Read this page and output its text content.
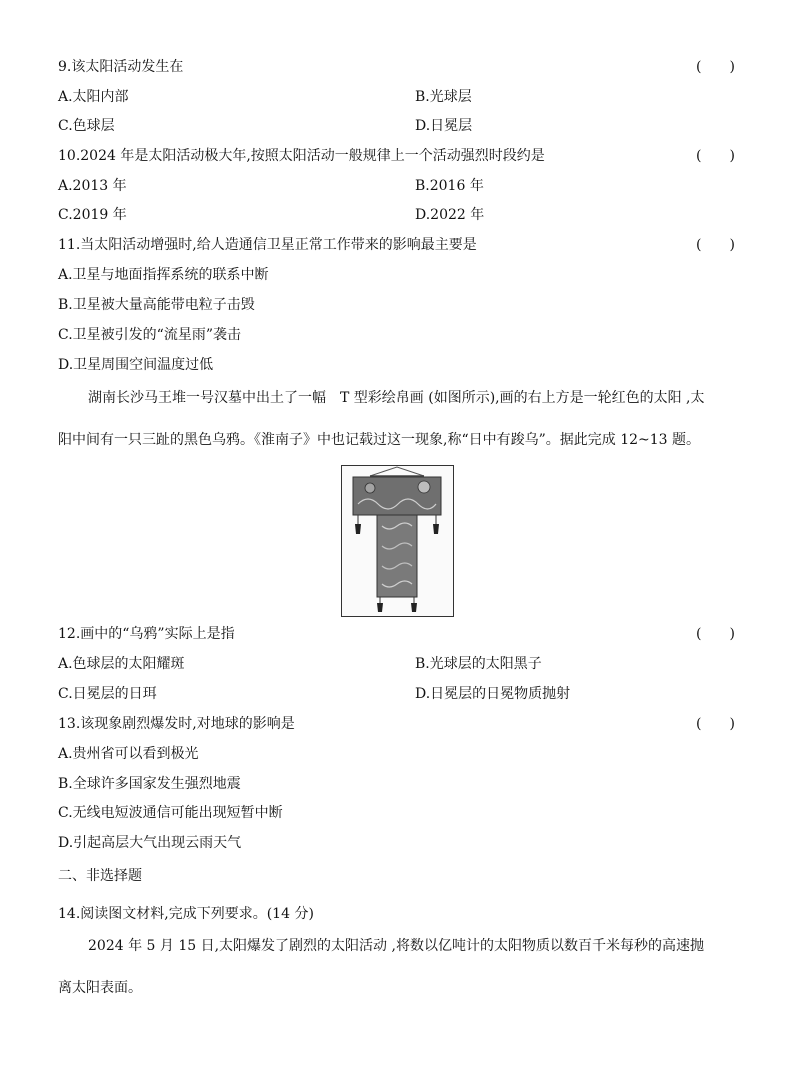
9.该太阳活动发生在	(　　)
A.太阳内部	B.光球层
C.色球层	D.日冕层
10.2024 年是太阳活动极大年,按照太阳活动一般规律上一个活动强烈时段约是	(　　)
A.2013 年	B.2016 年
C.2019 年	D.2022 年
11.当太阳活动增强时,给人造通信卫星正常工作带来的影响最主要是	(　　)
A.卫星与地面指挥系统的联系中断
B.卫星被大量高能带电粒子击毁
C.卫星被引发的“流星雨”袭击
D.卫星周围空间温度过低
湖南长沙马王堆一号汉墓中出土了一幅　T 型彩绘帛画 (如图所示),画的右上方是一轮红色的太阳 ,太
阳中间有一只三趾的黑色乌鸦。《淮南子》中也记载过这一现象,称“日中有踆乌”。据此完成 12~13 题。
12.画中的“乌鸦”实际上是指	(　　)
A.色球层的太阳耀斑	B.光球层的太阳黑子
C.日冕层的日珥	D.日冕层的日冕物质抛射
13.该现象剧烈爆发时,对地球的影响是	(　　)
A.贵州省可以看到极光
B.全球许多国家发生强烈地震
C.无线电短波通信可能出现短暂中断
D.引起高层大气出现云雨天气
二、非选择题
14.阅读图文材料,完成下列要求。(14 分)
2024 年 5 月 15 日,太阳爆发了剧烈的太阳活动 ,将数以亿吨计的太阳物质以数百千米每秒的高速抛
离太阳表面。
